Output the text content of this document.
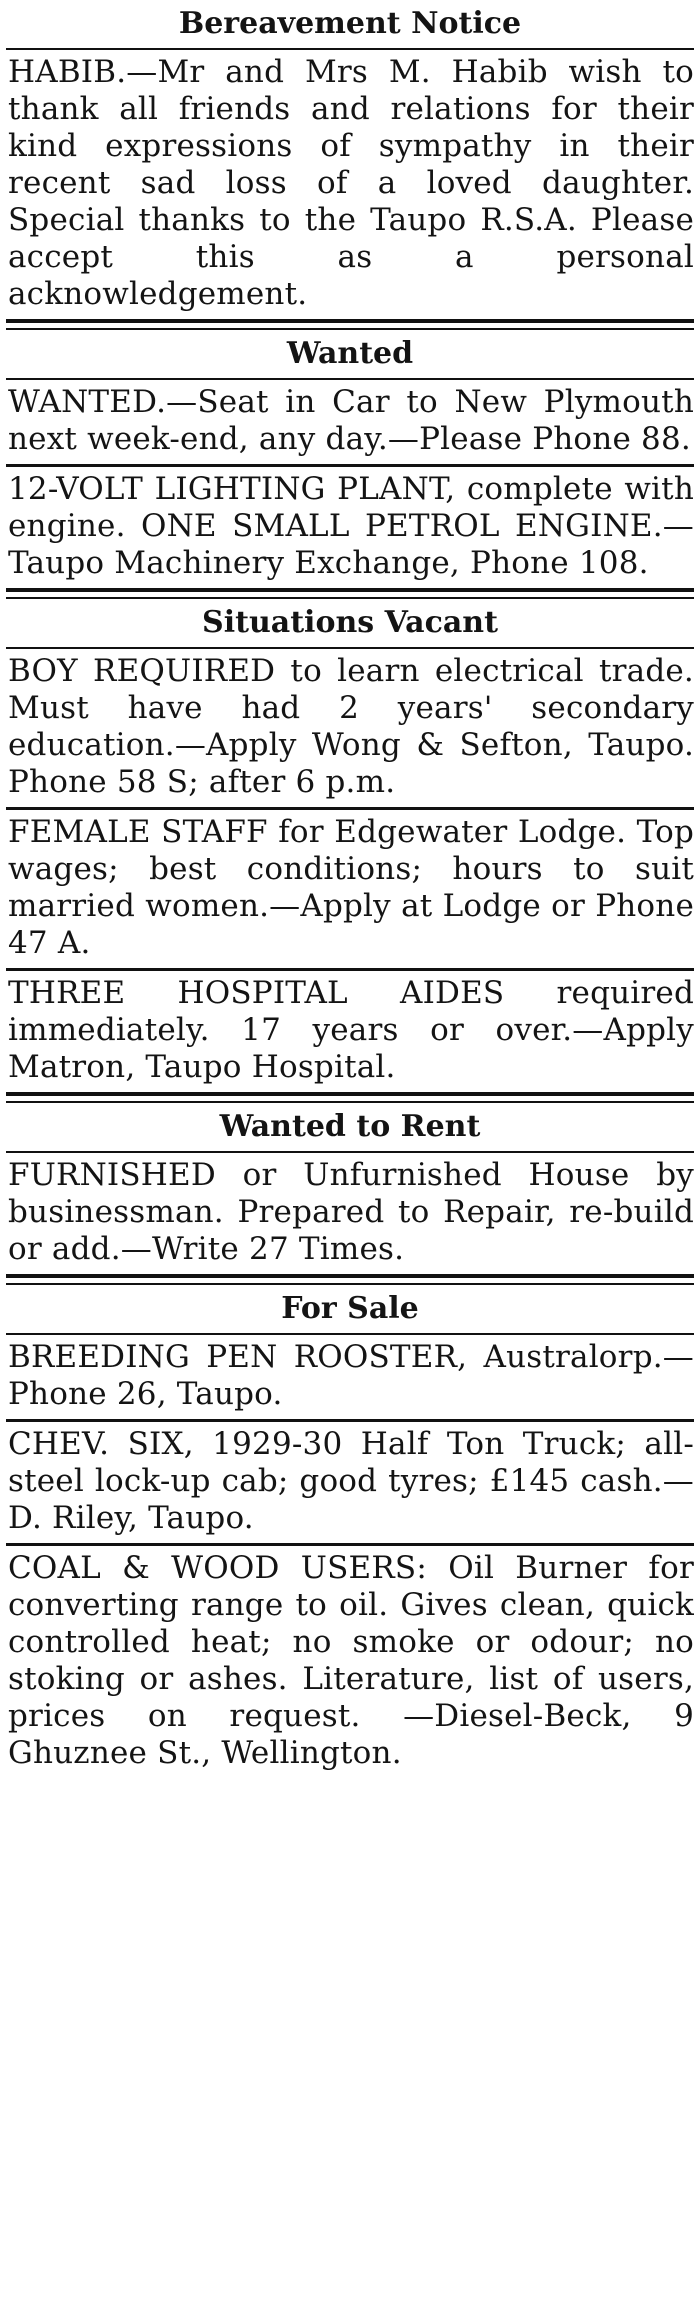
Bereavement Notice
HABIB.—Mr and Mrs M. Habib wish to thank all friends and relations for their kind expressions of sympathy in their recent sad loss of a loved daughter. Special thanks to the Taupo R.S.A. Please accept this as a personal acknowledgement.
Wanted
WANTED.—Seat in Car to New Plymouth next week-end, any day.—Please Phone 88.
12-VOLT LIGHTING PLANT, complete with engine. ONE SMALL PETROL ENGINE.—Taupo Machinery Exchange, Phone 108.
Situations Vacant
BOY REQUIRED to learn electrical trade. Must have had 2 years' secondary education.—Apply Wong & Sefton, Taupo. Phone 58 S; after 6 p.m.
FEMALE STAFF for Edgewater Lodge. Top wages; best conditions; hours to suit married women.—Apply at Lodge or Phone 47 A.
THREE HOSPITAL AIDES required immediately. 17 years or over.—Apply Matron, Taupo Hospital.
Wanted to Rent
FURNISHED or Unfurnished House by businessman. Prepared to Repair, re-build or add.—Write 27 Times.
For Sale
BREEDING PEN ROOSTER, Australorp.—Phone 26, Taupo.
CHEV. SIX, 1929-30 Half Ton Truck; all-steel lock-up cab; good tyres; £145 cash.—D. Riley, Taupo.
COAL & WOOD USERS: Oil Burner for converting range to oil. Gives clean, quick controlled heat; no smoke or odour; no stoking or ashes. Literature, list of users, prices on request. —Diesel-Beck, 9 Ghuznee St., Wellington.
